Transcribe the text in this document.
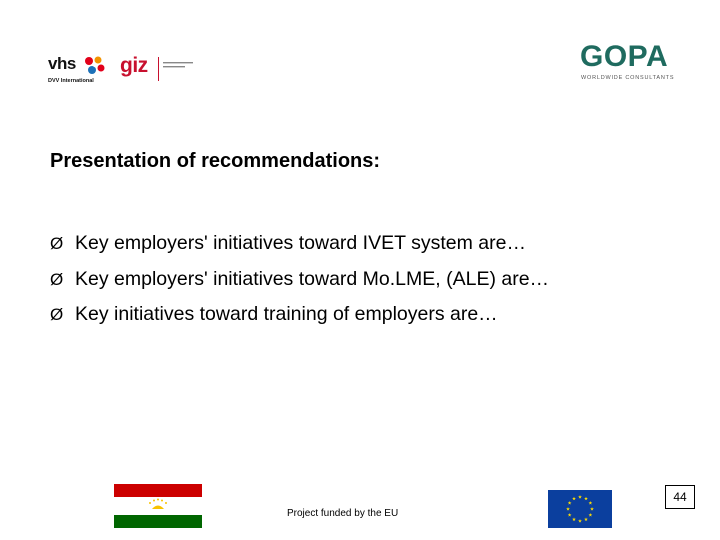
vhs
DVV International
giz	GOPA
WORLDWIDE CONSULTANTS
Presentation of recommendations:
Ø Key employers' initiatives toward IVET system are…
Ø Key employers' initiatives toward Mo.LME, (ALE) are…
Ø Key initiatives toward training of employers are…
Project funded by the EU
44
